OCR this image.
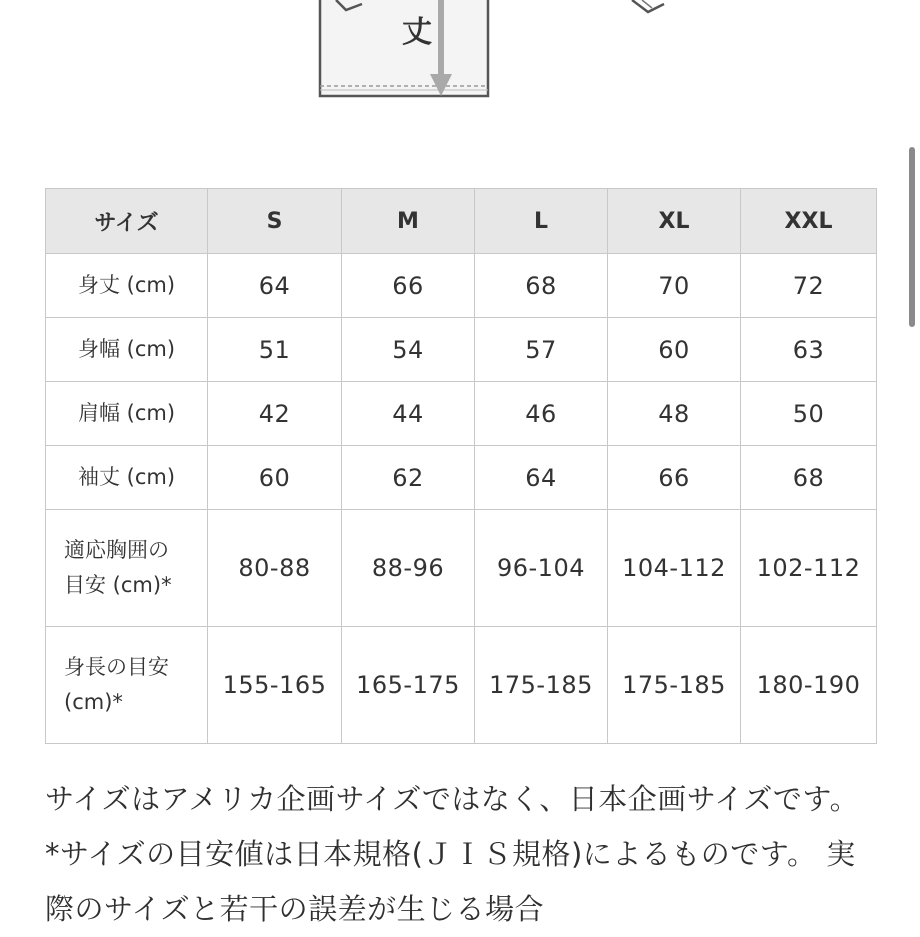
丈
サイズ	S	M	L	XL	XXL
身丈 (cm)	64	66	68	70	72
身幅 (cm)	51	54	57	60	63
肩幅 (cm)	42	44	46	48	50
袖丈 (cm)	60	62	64	66	68

適応胸囲の
目安 (cm)*	80-88	88-96	96-104	104-112	102-112

身長の目安
(cm)*	155-165	165-175	175-185	175-185	180-190
サイズはアメリカ企画サイズではなく、日本企画サイズです。 *サイズの目安値は日本規格(ＪＩＳ規格)によるものです。 実際のサイズと若干の誤差が生じる場合
